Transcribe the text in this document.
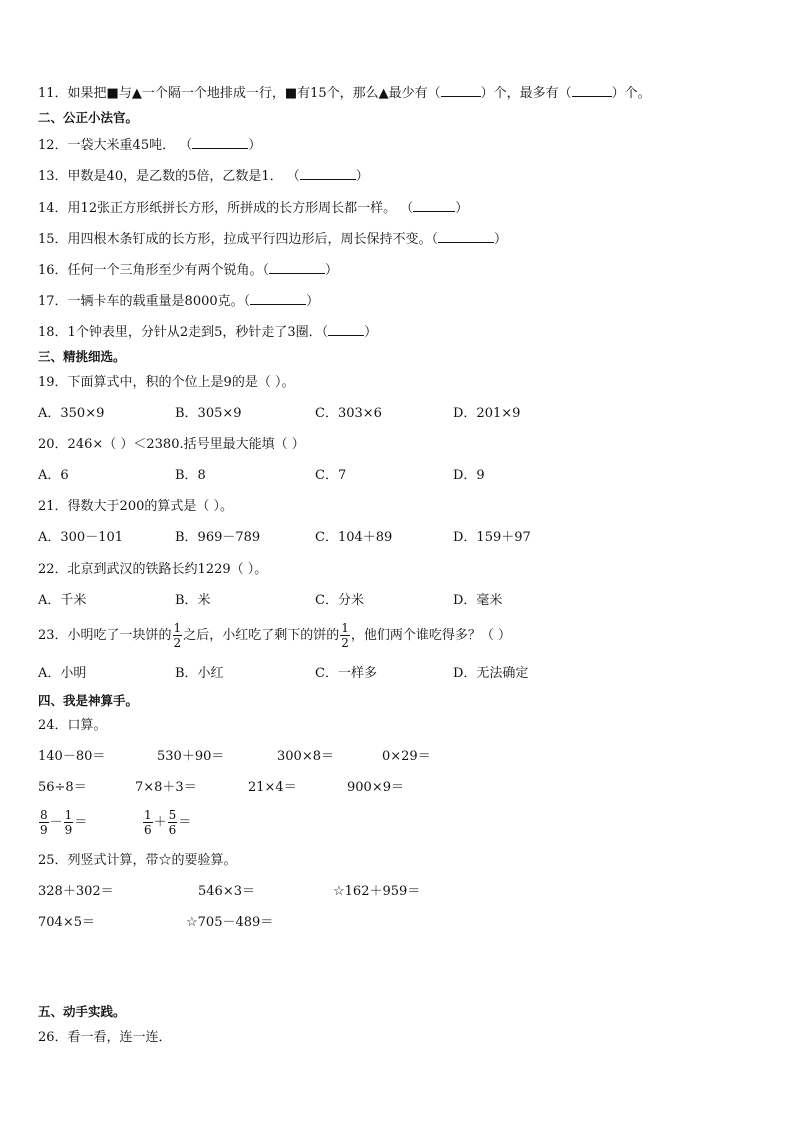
11．如果把■与▲一个隔一个地排成一行，■有15个，那么▲最少有（	）个，最多有（	）个。
二、公正小法官。
12．一袋大米重45吨． （	）
13．甲数是40，是乙数的5倍，乙数是1． （	）
14．用12张正方形纸拼长方形，所拼成的长方形周长都一样。 （	）
15．用四根木条钉成的长方形，拉成平行四边形后，周长保持不变。（	）
16．任何一个三角形至少有两个锐角。（	）
17．一辆卡车的载重量是8000克。（	）
18．1个钟表里，分针从2走到5，秒针走了3圈．（	）
三、精挑细选。
19．下面算式中，积的个位上是9的是（ ）。
A．350×9	B．305×9	C．303×6	D．201×9
20．246×（ ）＜2380.括号里最大能填（ ）
A．6	B．8	C．7	D．9
21．得数大于200的算式是（ ）。
A．300－101	B．969－789	C．104＋89	D．159＋97
22．北京到武汉的铁路长约1229（ ）。
A．千米	B．米	C．分米	D．毫米
23．小明吃了一块饼的 $\frac{1}{2}$ 之后，小红吃了剩下的饼的 $\frac{1}{2}$ ，他们两个谁吃得多？（ ）
A．小明	B．小红	C．一样多	D．无法确定
四、我是神算手。
24．口算。
140－80＝	530＋90＝	300×8＝	0×29＝
56÷8＝	7×8＋3＝	21×4＝	900×9＝
$\frac{8}{9} - \frac{1}{9}$ ＝	$\frac{1}{6} + \frac{5}{6}$ ＝
25．列竖式计算，带☆的要验算。
328＋302＝	546×3＝	☆162＋959＝
704×5＝	☆705－489＝
五、动手实践。
26．看一看，连一连．
